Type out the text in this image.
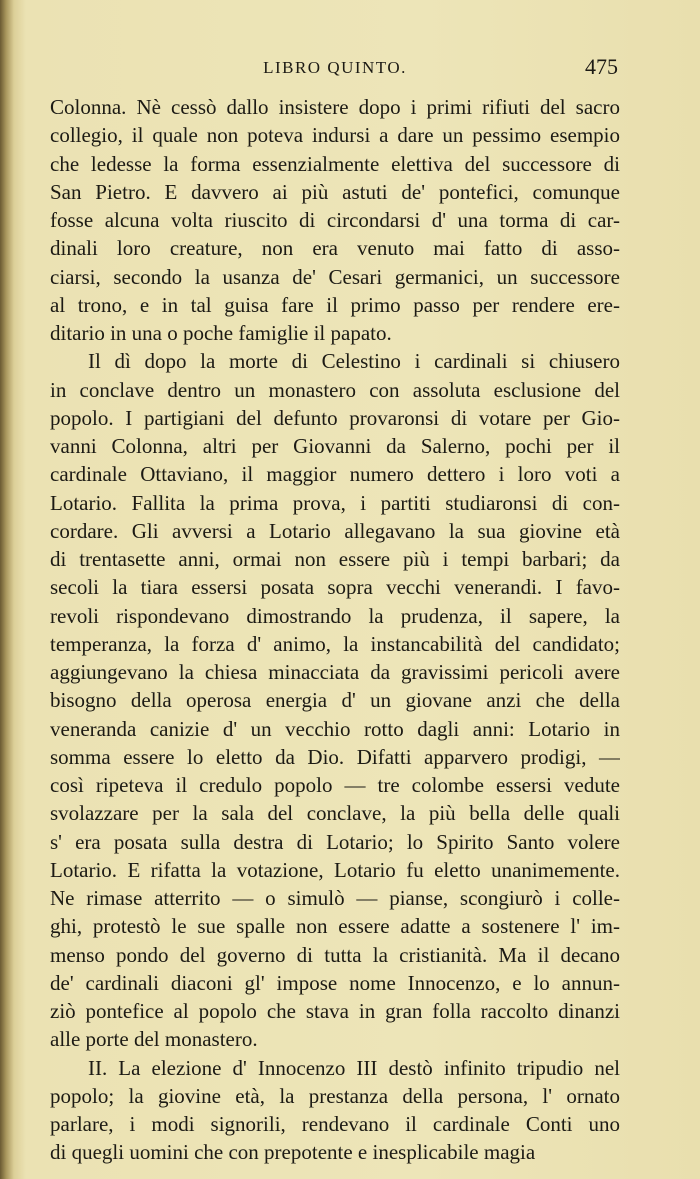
LIBRO QUINTO.	475
Colonna. Nè cessò dallo insistere dopo i primi rifiuti del sacro
collegio, il quale non poteva indursi a dare un pessimo esempio
che ledesse la forma essenzialmente elettiva del successore di
San Pietro. E davvero ai più astuti de' pontefici, comunque
fosse alcuna volta riuscito di circondarsi d' una torma di car-
dinali loro creature, non era venuto mai fatto di asso-
ciarsi, secondo la usanza de' Cesari germanici, un successore
al trono, e in tal guisa fare il primo passo per rendere ere-
ditario in una o poche famiglie il papato.
Il dì dopo la morte di Celestino i cardinali si chiusero
in conclave dentro un monastero con assoluta esclusione del
popolo. I partigiani del defunto provaronsi di votare per Gio-
vanni Colonna, altri per Giovanni da Salerno, pochi per il
cardinale Ottaviano, il maggior numero dettero i loro voti a
Lotario. Fallita la prima prova, i partiti studiaronsi di con-
cordare. Gli avversi a Lotario allegavano la sua giovine età
di trentasette anni, ormai non essere più i tempi barbari; da
secoli la tiara essersi posata sopra vecchi venerandi. I favo-
revoli rispondevano dimostrando la prudenza, il sapere, la
temperanza, la forza d' animo, la instancabilità del candidato;
aggiungevano la chiesa minacciata da gravissimi pericoli avere
bisogno della operosa energia d' un giovane anzi che della
veneranda canizie d' un vecchio rotto dagli anni: Lotario in
somma essere lo eletto da Dio. Difatti apparvero prodigi, —
così ripeteva il credulo popolo — tre colombe essersi vedute
svolazzare per la sala del conclave, la più bella delle quali
s' era posata sulla destra di Lotario; lo Spirito Santo volere
Lotario. E rifatta la votazione, Lotario fu eletto unanimemente.
Ne rimase atterrito — o simulò — pianse, scongiurò i colle-
ghi, protestò le sue spalle non essere adatte a sostenere l' im-
menso pondo del governo di tutta la cristianità. Ma il decano
de' cardinali diaconi gl' impose nome Innocenzo, e lo annun-
ziò pontefice al popolo che stava in gran folla raccolto dinanzi
alle porte del monastero.
II. La elezione d' Innocenzo III destò infinito tripudio nel
popolo; la giovine età, la prestanza della persona, l' ornato
parlare, i modi signorili, rendevano il cardinale Conti uno
di quegli uomini che con prepotente e inesplicabile magia
